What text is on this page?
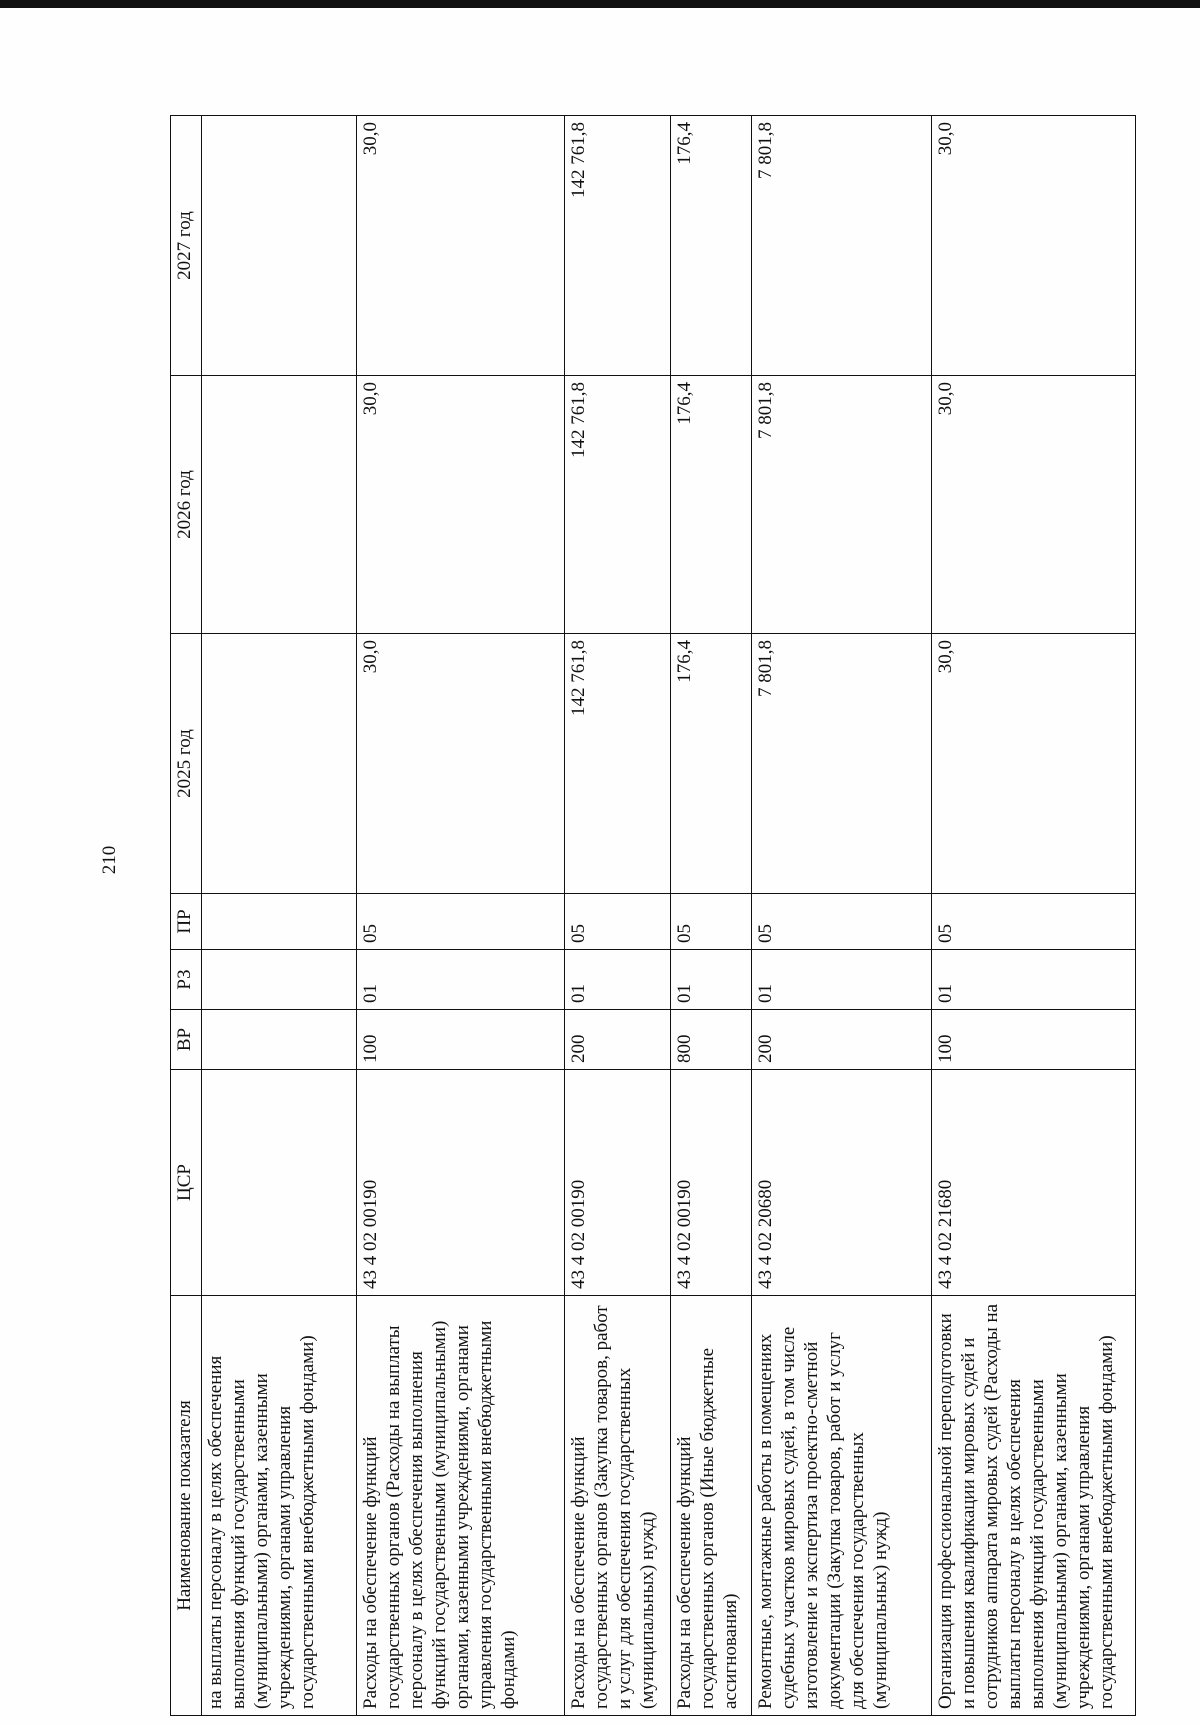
210
Наименование показателя	ЦСР	ВР	РЗ	ПР	2025 год	2026 год	2027 год
на выплаты персоналу в целях обеспечения выполнения функций государственными (муниципальными) органами, казенными учреждениями, органами управления государственными внебюджетными фондами)							
Расходы на обеспечение функций государственных органов (Расходы на выплаты персоналу в целях обеспечения выполнения функций государственными (муниципальными) органами, казенными учреждениями, органами управления государственными внебюджетными фондами)	43 4 02 00190	100	01	05	30,0	30,0	30,0
Расходы на обеспечение функций государственных органов (Закупка товаров, работ и услуг для обеспечения государственных (муниципальных) нужд)	43 4 02 00190	200	01	05	142 761,8	142 761,8	142 761,8
Расходы на обеспечение функций государственных органов (Иные бюджетные ассигнования)	43 4 02 00190	800	01	05	176,4	176,4	176,4
Ремонтные, монтажные работы в помещениях судебных участков мировых судей, в том числе изготовление и экспертиза проектно-сметной документации (Закупка товаров, работ и услуг для обеспечения государственных (муниципальных) нужд)	43 4 02 20680	200	01	05	7 801,8	7 801,8	7 801,8
Организация профессиональной переподготовки и повышения квалификации мировых судей и сотрудников аппарата мировых судей (Расходы на выплаты персоналу в целях обеспечения выполнения функций государственными (муниципальными) органами, казенными учреждениями, органами управления государственными внебюджетными фондами)	43 4 02 21680	100	01	05	30,0	30,0	30,0
